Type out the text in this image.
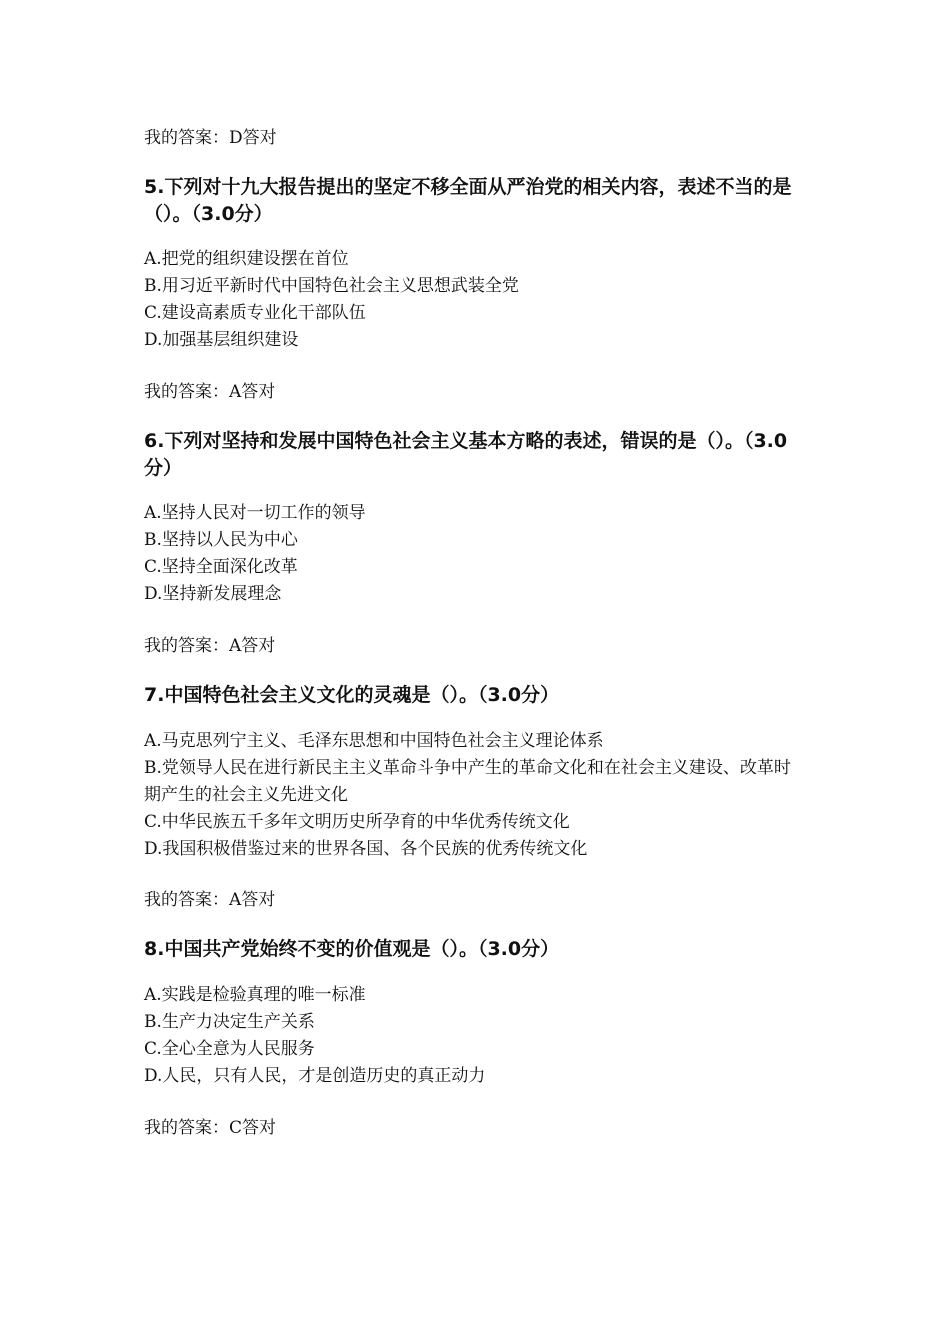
我的答案：D答对
5.下列对十九大报告提出的坚定不移全面从严治党的相关内容，表述不当的是（）。（3.0分）
A.把党的组织建设摆在首位
B.用习近平新时代中国特色社会主义思想武装全党
C.建设高素质专业化干部队伍
D.加强基层组织建设
我的答案：A答对
6.下列对坚持和发展中国特色社会主义基本方略的表述，错误的是（）。（3.0分）
A.坚持人民对一切工作的领导
B.坚持以人民为中心
C.坚持全面深化改革
D.坚持新发展理念
我的答案：A答对
7.中国特色社会主义文化的灵魂是（）。（3.0分）
A.马克思列宁主义、毛泽东思想和中国特色社会主义理论体系
B.党领导人民在进行新民主主义革命斗争中产生的革命文化和在社会主义建设、改革时期产生的社会主义先进文化
C.中华民族五千多年文明历史所孕育的中华优秀传统文化
D.我国积极借鉴过来的世界各国、各个民族的优秀传统文化
我的答案：A答对
8.中国共产党始终不变的价值观是（）。（3.0分）
A.实践是检验真理的唯一标准
B.生产力决定生产关系
C.全心全意为人民服务
D.人民，只有人民，才是创造历史的真正动力
我的答案：C答对
